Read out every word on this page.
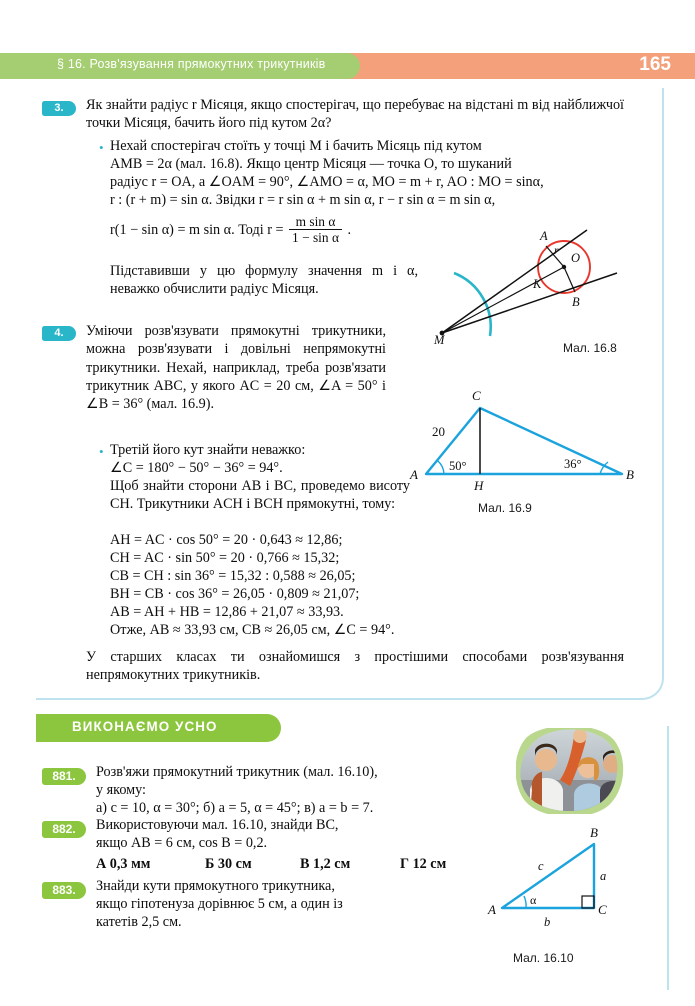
§ 16. Розв'язування прямокутних трикутників	165
3.	Як знайти радіус r Місяця, якщо спостерігач, що перебуває на відстані m від найближчої точки Місяця, бачить його під кутом 2α?
• Нехай спостерігач стоїть у точці M і бачить Місяць під кутом
AMB = 2α (мал. 16.8). Якщо центр Місяця — точка O, то шуканий
радіус r = OA, а ∠OAM = 90°, ∠AMO = α, MO = m + r, AO : MO = sinα,
r : (r + m) = sin α. Звідки r = r sin α + m sin α, r − r sin α = m sin α,
r(1 − sin α) = m sin α. Тоді $r = \frac{\text{m sin α}}{\text{1 − sin α}}$ .
Підставивши у цю формулу значення m і α, неважко обчислити радіус Місяця.
A
B
O
K
r
M
Мал. 16.8
4.	Уміючи розв'язувати прямокутні трикутники, можна розв'язувати і довільні непрямокутні трикутники. Нехай, наприклад, треба розв'язати трикутник ABC, у якого AC = 20 см, ∠A = 50° і ∠B = 36° (мал. 16.9).
• Третій його кут знайти неважко:
∠C = 180° − 50° − 36° = 94°.
Щоб знайти сторони AB і BC, проведемо висоту CH. Трикутники ACH і BCH прямокутні, тому:
AH = AC · cos 50° = 20 · 0,643 ≈ 12,86;
CH = AC · sin 50° = 20 · 0,766 ≈ 15,32;
CB = CH : sin 36° = 15,32 : 0,588 ≈ 26,05;
BH = CB · cos 36° = 26,05 · 0,809 ≈ 21,07;
AB = AH + HB = 12,86 + 21,07 ≈ 33,93.
Отже, AB ≈ 33,93 см, CB ≈ 26,05 см, ∠C = 94°.
У старших класах ти ознайомишся з простішими способами розв'язування непрямокутних трикутників.
C
A	B
H
20
50°	36°
Мал. 16.9
ВИКОНАЄМО УСНО
881.	Розв'яжи прямокутний трикутник (мал. 16.10),
у якому:
а) c = 10, α = 30°; б) a = 5, α = 45°; в) a = b = 7.
882.	Використовуючи мал. 16.10, знайди BC,
якщо AB = 6 см, cos B = 0,2.
А 0,3 мм	Б 30 см	В 1,2 см	Г 12 см
883.	Знайди кути прямокутного трикутника,
якщо гіпотенуза дорівнює 5 см, а один із
катетів 2,5 см.
B
A	C
c
b
a
α
Мал. 16.10
